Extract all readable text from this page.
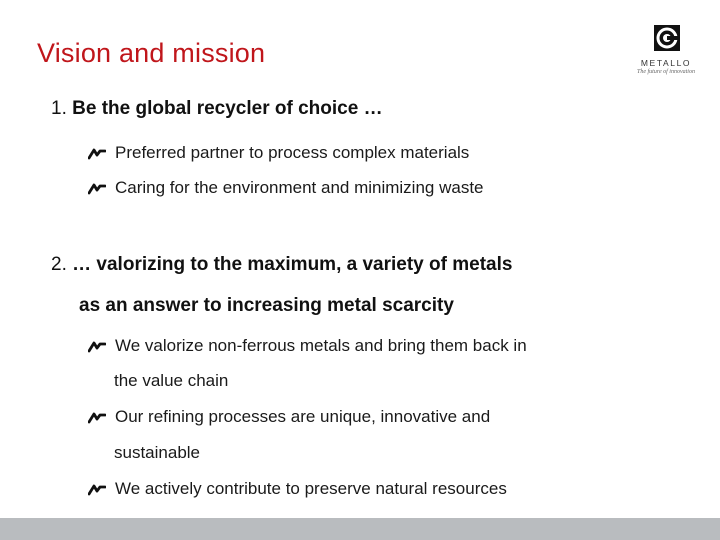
Vision and mission	METALLO
The future of innovation
1. Be the global recycler of choice …
Preferred partner to process complex materials
Caring for the environment and minimizing waste
2. … valorizing to the maximum, a variety of metals
as an answer to increasing metal scarcity
We valorize non-ferrous metals and bring them back in
the value chain
Our refining processes are unique, innovative and
sustainable
We actively contribute to preserve natural resources
